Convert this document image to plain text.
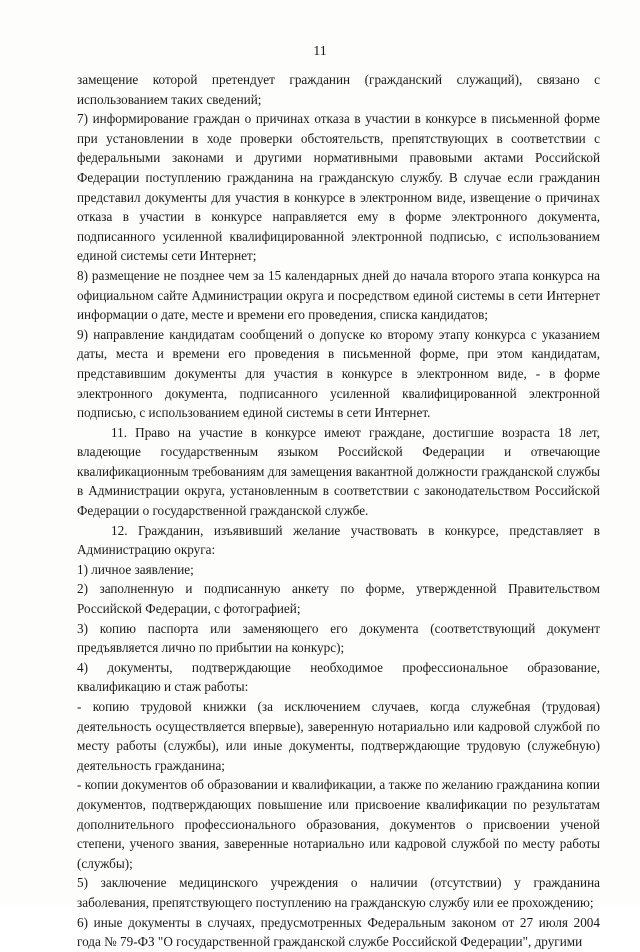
11

замещение которой претендует гражданин (гражданский служащий), связано с использованием таких сведений;

7) информирование граждан о причинах отказа в участии в конкурсе в письменной форме при установлении в ходе проверки обстоятельств, препятствующих в соответствии с федеральными законами и другими нормативными правовыми актами Российской Федерации поступлению гражданина на гражданскую службу. В случае если гражданин представил документы для участия в конкурсе в электронном виде, извещение о причинах отказа в участии в конкурсе направляется ему в форме электронного документа, подписанного усиленной квалифицированной электронной подписью, с использованием единой системы сети Интернет;

8) размещение не позднее чем за 15 календарных дней до начала второго этапа конкурса на официальном сайте Администрации округа и посредством единой системы в сети Интернет информации о дате, месте и времени его проведения, списка кандидатов;

9) направление кандидатам сообщений о допуске ко второму этапу конкурса с указанием даты, места и времени его проведения в письменной форме, при этом кандидатам, представившим документы для участия в конкурсе в электронном виде, - в форме электронного документа, подписанного усиленной квалифицированной электронной подписью, с использованием единой системы в сети Интернет.

11. Право на участие в конкурсе имеют граждане, достигшие возраста 18 лет, владеющие государственным языком Российской Федерации и отвечающие квалификационным требованиям для замещения вакантной должности гражданской службы в Администрации округа, установленным в соответствии с законодательством Российской Федерации о государственной гражданской службе.

12. Гражданин, изъявивший желание участвовать в конкурсе, представляет в Администрацию округа:

1) личное заявление;

2) заполненную и подписанную анкету по форме, утвержденной Правительством Российской Федерации, с фотографией;

3) копию паспорта или заменяющего его документа (соответствующий документ предъявляется лично по прибытии на конкурс);

4) документы, подтверждающие необходимое профессиональное образование, квалификацию и стаж работы:

- копию трудовой книжки (за исключением случаев, когда служебная (трудовая) деятельность осуществляется впервые), заверенную нотариально или кадровой службой по месту работы (службы), или иные документы, подтверждающие трудовую (служебную) деятельность гражданина;

- копии документов об образовании и квалификации, а также по желанию гражданина копии документов, подтверждающих повышение или присвоение квалификации по результатам дополнительного профессионального образования, документов о присвоении ученой степени, ученого звания, заверенные нотариально или кадровой службой по месту работы (службы);

5) заключение медицинского учреждения о наличии (отсутствии) у гражданина заболевания, препятствующего поступлению на гражданскую службу или ее прохождению;

6) иные документы в случаях, предусмотренных Федеральным законом от 27 июля 2004 года № 79-ФЗ "О государственной гражданской службе Российской Федерации", другими
